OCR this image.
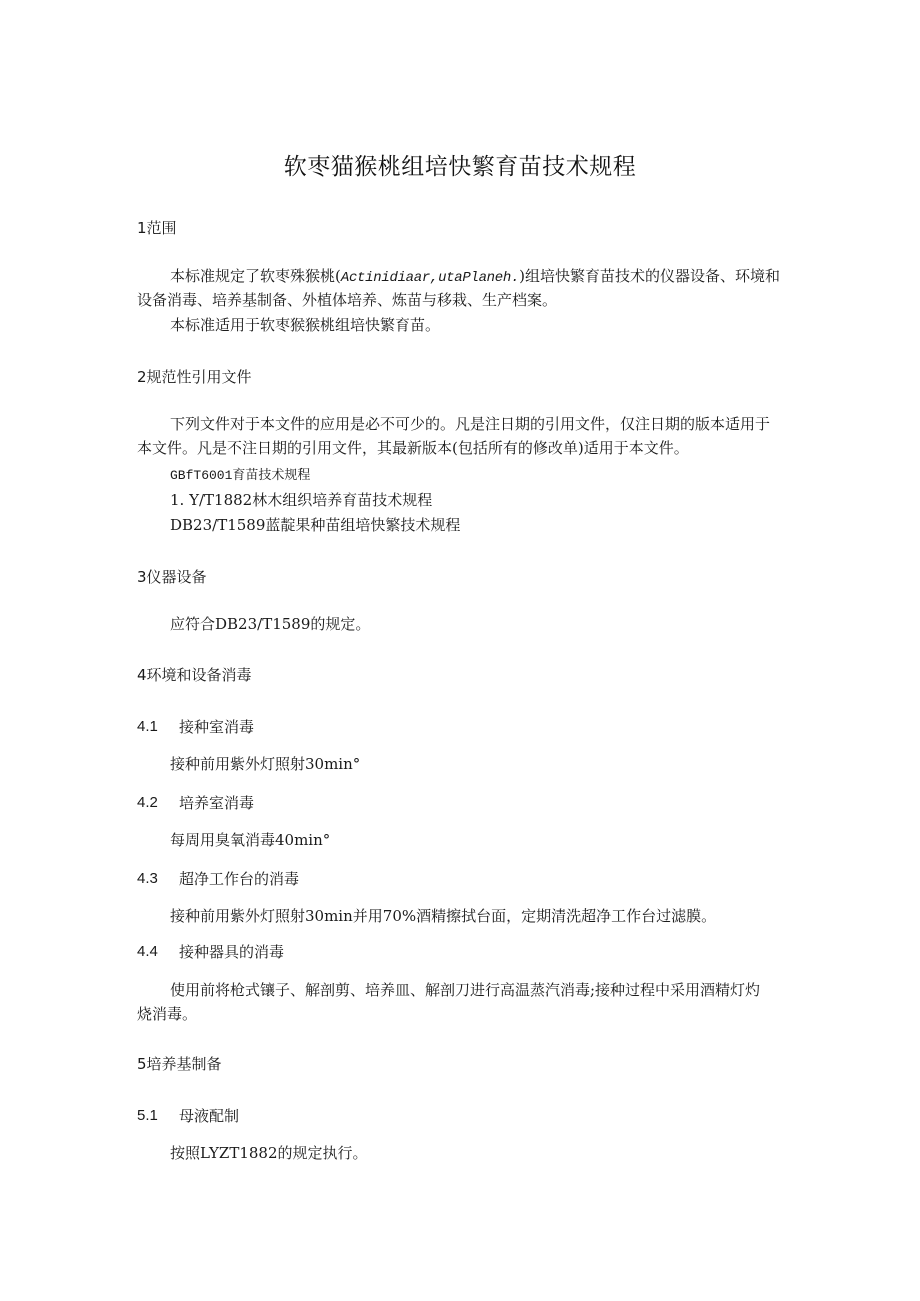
软枣猫猴桃组培快繁育苗技术规程
1范围
本标准规定了软枣殊猴桃(Actinidiaar,utaPlaneh.)组培快繁育苗技术的仪器设备、环境和
设备消毒、培养基制备、外植体培养、炼苗与移栽、生产档案。
本标准适用于软枣猴猴桃组培快繁育苗。
2规范性引用文件
下列文件对于本文件的应用是必不可少的。凡是注日期的引用文件，仅注日期的版本适用于
本文件。凡是不注日期的引用文件，其最新版本(包括所有的修改单)适用于本文件。
GBfT6001育苗技术规程
1. Y/T1882林木组织培养育苗技术规程
DB23/T1589蓝靛果种苗组培快繁技术规程
3仪器设备
应符合DB23/T1589的规定。
4环境和设备消毒
4.1 接种室消毒
接种前用紫外灯照射30min°
4.2 培养室消毒
每周用臭氧消毒40min°
4.3 超净工作台的消毒
接种前用紫外灯照射30min并用70%酒精擦拭台面，定期清洗超净工作台过滤膜。
4.4 接种器具的消毒
使用前将枪式镶子、解剖剪、培养皿、解剖刀进行高温蒸汽消毒;接种过程中采用酒精灯灼
烧消毒。
5培养基制备
5.1 母液配制
按照LYZT1882的规定执行。
